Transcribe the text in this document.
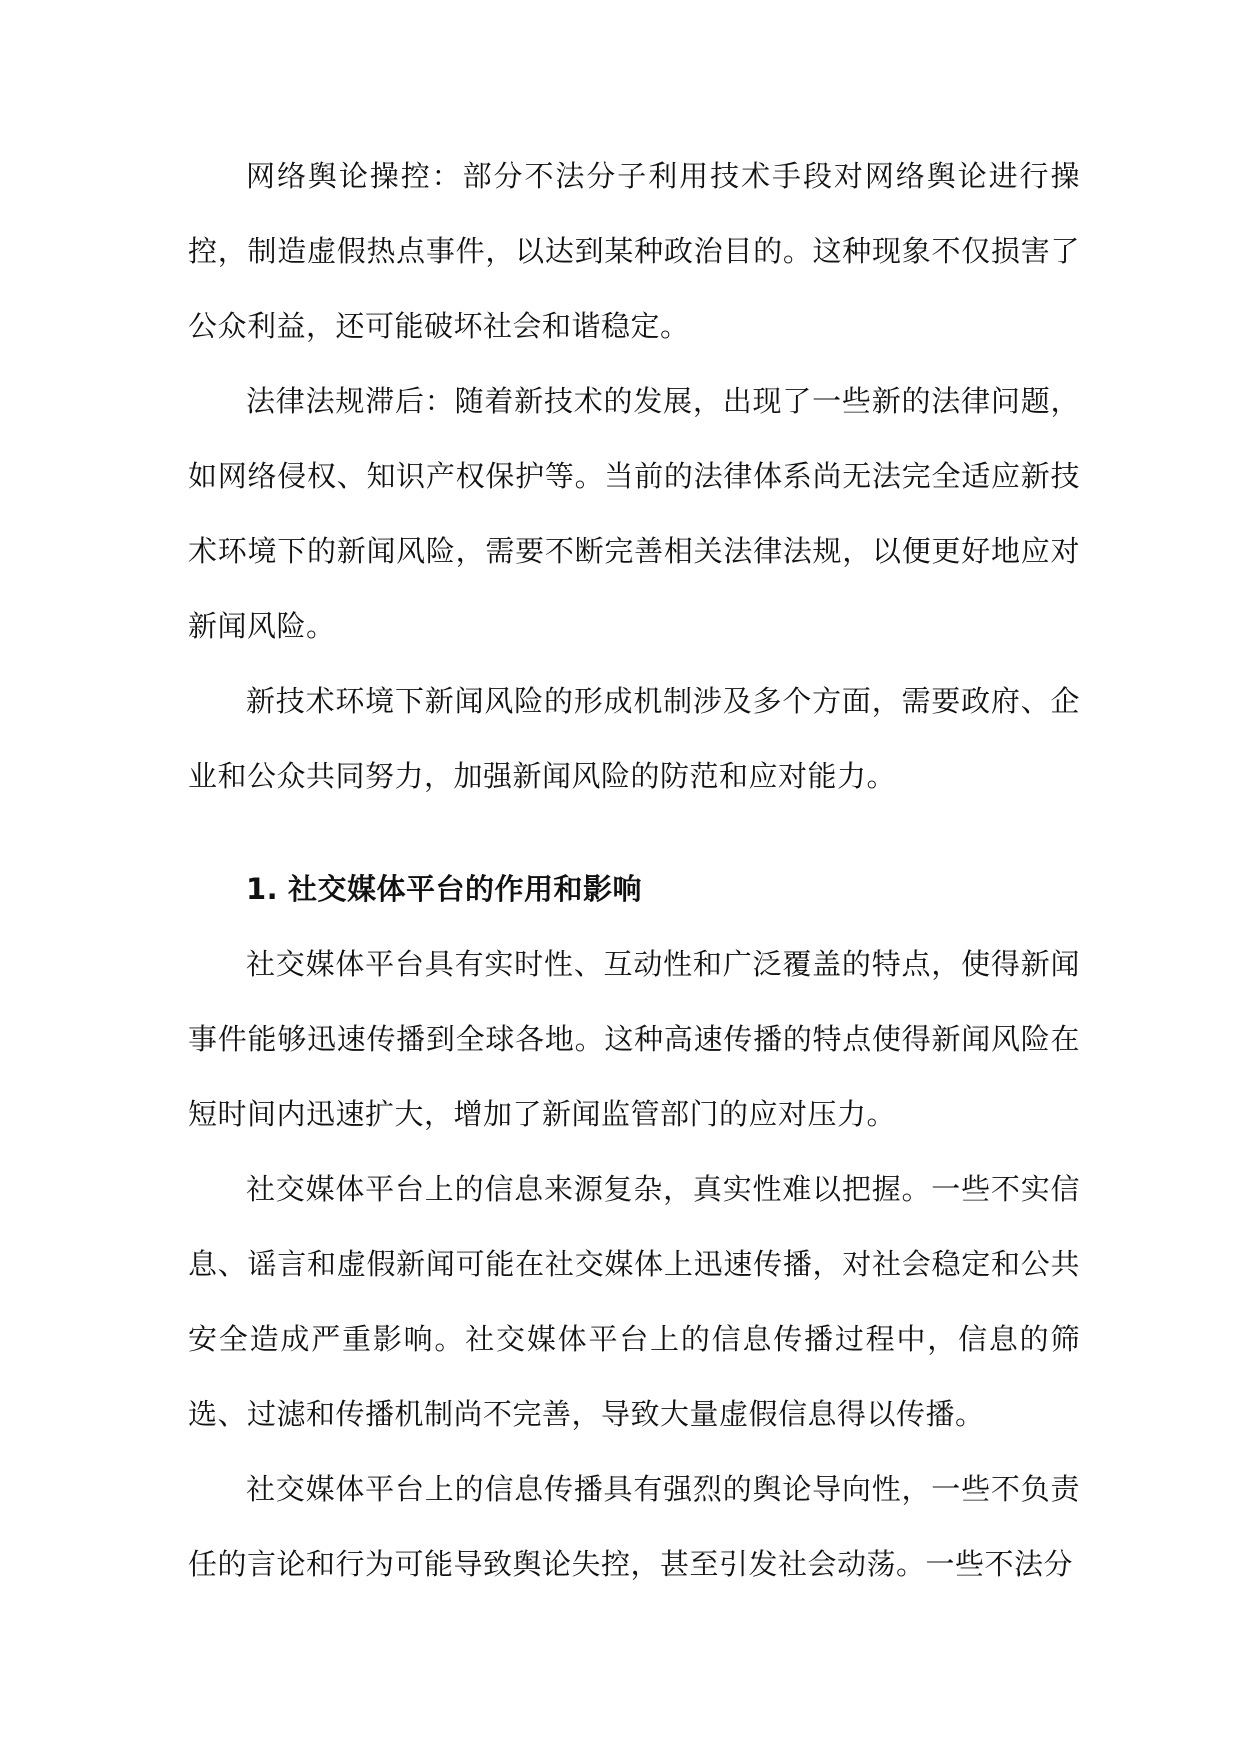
网络舆论操控：部分不法分子利用技术手段对网络舆论进行操控，制造虚假热点事件，以达到某种政治目的。这种现象不仅损害了公众利益，还可能破坏社会和谐稳定。

法律法规滞后：随着新技术的发展，出现了一些新的法律问题，如网络侵权、知识产权保护等。当前的法律体系尚无法完全适应新技术环境下的新闻风险，需要不断完善相关法律法规，以便更好地应对新闻风险。

新技术环境下新闻风险的形成机制涉及多个方面，需要政府、企业和公众共同努力，加强新闻风险的防范和应对能力。

1. 社交媒体平台的作用和影响

社交媒体平台具有实时性、互动性和广泛覆盖的特点，使得新闻事件能够迅速传播到全球各地。这种高速传播的特点使得新闻风险在短时间内迅速扩大，增加了新闻监管部门的应对压力。

社交媒体平台上的信息来源复杂，真实性难以把握。一些不实信息、谣言和虚假新闻可能在社交媒体上迅速传播，对社会稳定和公共安全造成严重影响。社交媒体平台上的信息传播过程中，信息的筛选、过滤和传播机制尚不完善，导致大量虚假信息得以传播。

社交媒体平台上的信息传播具有强烈的舆论导向性，一些不负责任的言论和行为可能导致舆论失控，甚至引发社会动荡。一些不法分
